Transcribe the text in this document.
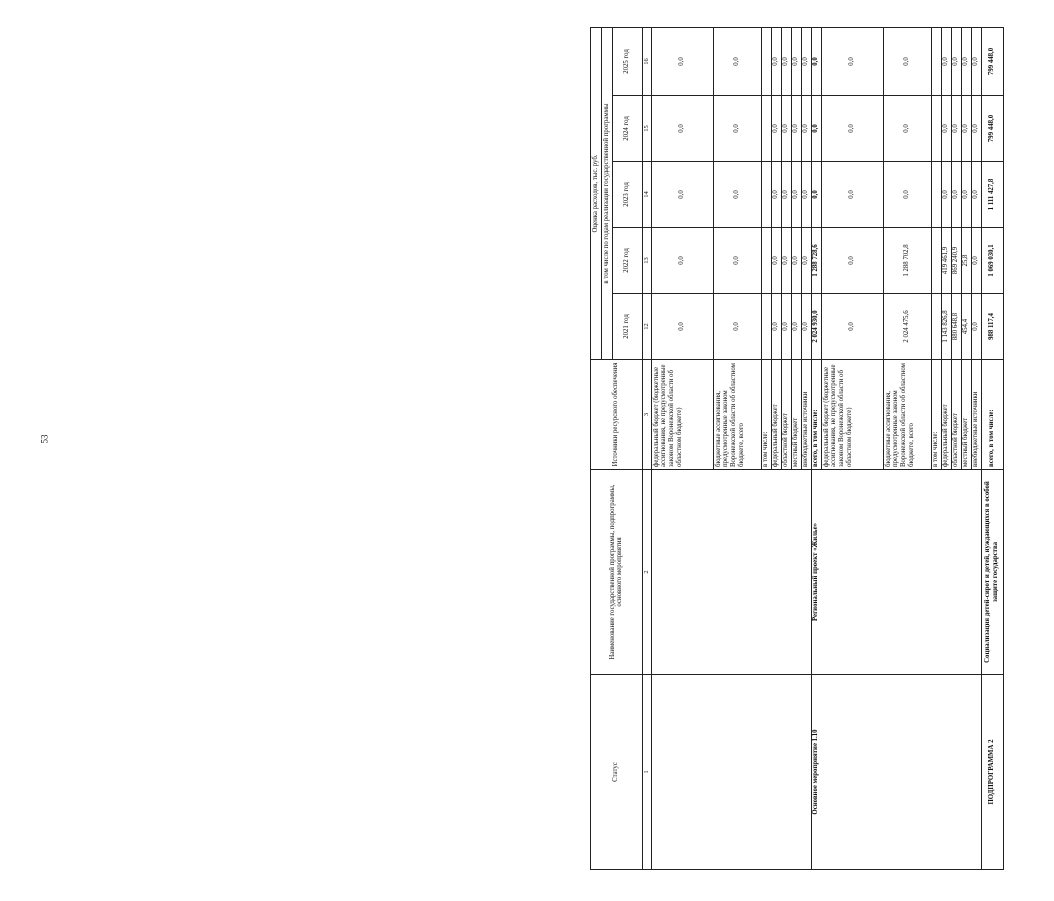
53
Статус	Наименование государственной программы, подпрограммы, основного мероприятия	Источники ресурсного обеспечения	Оценка расходов, тыс. руб.				
			в том числе по годам реализации государственной программы				
			2021 год	2022 год	2023 год	2024 год	2025 год
1	2	3	12	13	14	15	16
		федеральный бюджет (бюджетные ассигнования, не предусмотренные законом Воронежской области об областном бюджете)	0,0	0,0	0,0	0,0	0,0
		бюджетные ассигнования, предусмотренные законом Воронежской области об областном бюджете, всего	0,0	0,0	0,0	0,0	0,0
		в том числе:					
		федеральный бюджет	0,0	0,0	0,0	0,0	0,0
		областной бюджет	0,0	0,0	0,0	0,0	0,0
		местный бюджет	0,0	0,0	0,0	0,0	0,0
		внебюджетные источники	0,0	0,0	0,0	0,0	0,0
Основное мероприятие 1.10	Региональный проект «Жилье»	всего, в том числе:	2 024 930,0	1 288 728,6	0,0	0,0	0,0
		федеральный бюджет (бюджетные ассигнования, не предусмотренные законом Воронежской области об областном бюджете)	0,0	0,0	0,0	0,0	0,0
		бюджетные ассигнования, предусмотренные законом Воронежской области об областном бюджете, всего	2 024 475,6	1 288 702,8	0,0	0,0	0,0
		в том числе:					
		федеральный бюджет	1 143 826,8	419 461,9	0,0	0,0	0,0
		областной бюджет	880 648,8	869 240,9	0,0	0,0	0,0
		местный бюджет	454,4	25,8	0,0	0,0	0,0
		внебюджетные источники	0,0	0,0	0,0	0,0	0,0
ПОДПРОГРАММА 2	Социализация детей-сирот и детей, нуждающихся в особой защите государства	всего, в том числе:	988 117,4	1 069 030,1	1 111 427,8	799 448,0	799 448,0
